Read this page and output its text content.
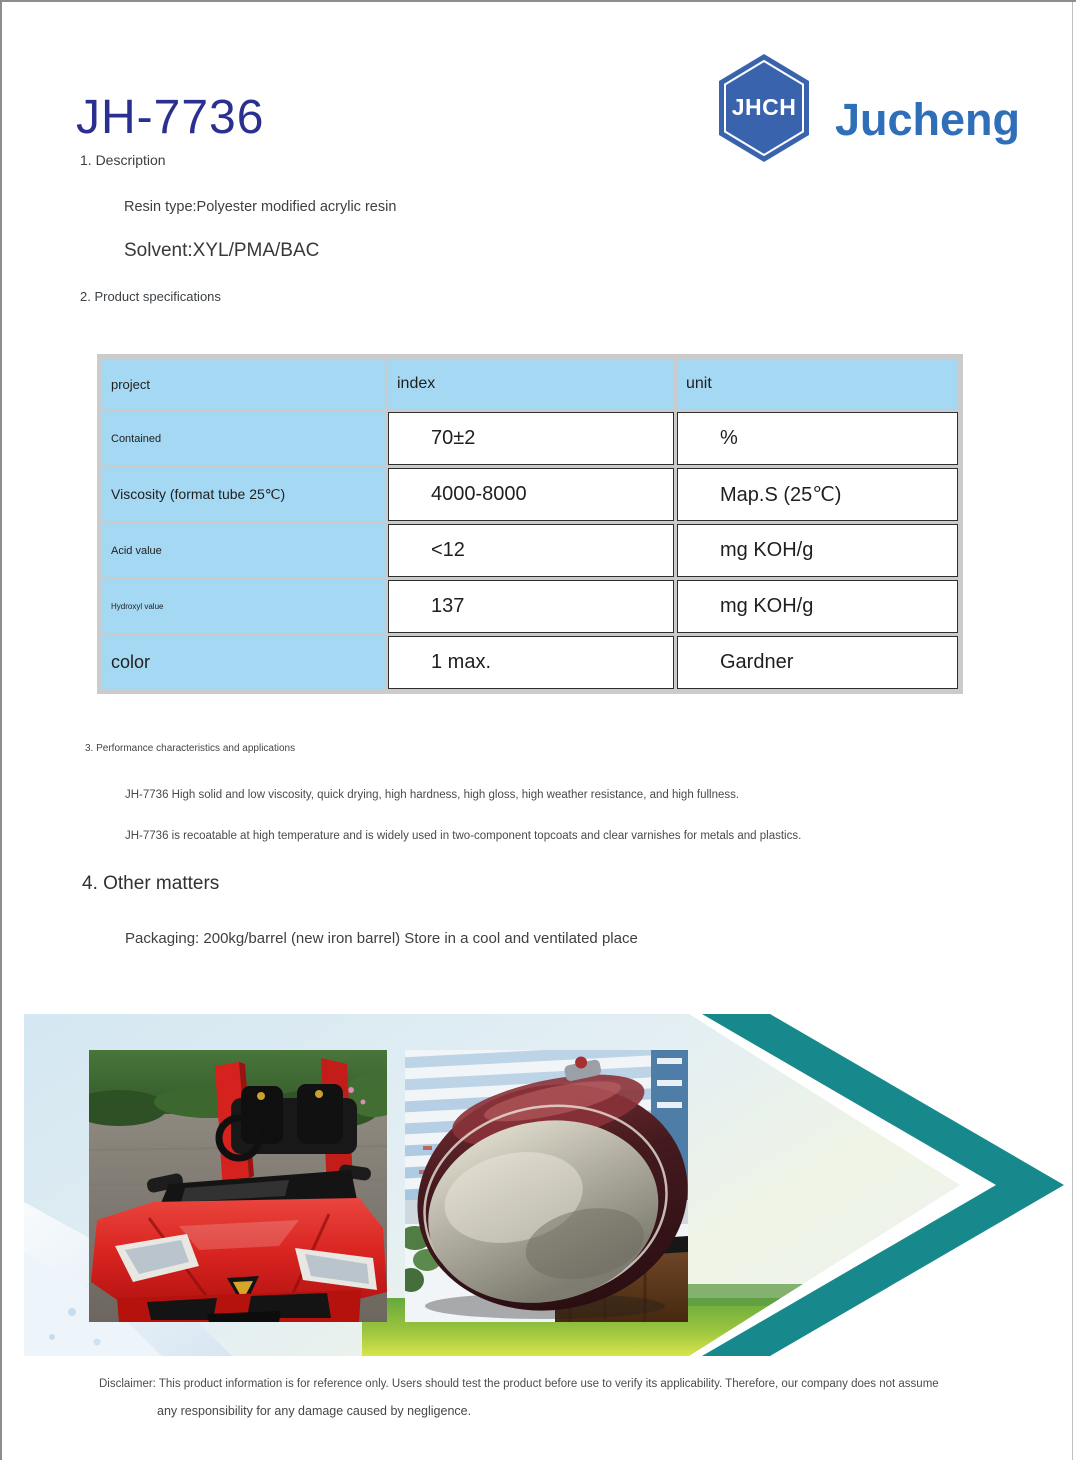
JH-7736	JHCH Jucheng
1. Description
Resin type:Polyester modified acrylic resin
Solvent:XYL/PMA/BAC
2. Product specifications
project	index	unit
Contained	70±2	%
Viscosity (format tube 25℃)	4000-8000	Map.S (25℃)
Acid value	<12	mg KOH/g
Hydroxyl value	137	mg KOH/g
color	1 max.	Gardner
3. Performance characteristics and applications
JH-7736 High solid and low viscosity, quick drying, high hardness, high gloss, high weather resistance, and high fullness.
JH-7736 is recoatable at high temperature and is widely used in two-component topcoats and clear varnishes for metals and plastics.
4. Other matters
Packaging: 200kg/barrel (new iron barrel) Store in a cool and ventilated place
Disclaimer: This product information is for reference only. Users should test the product before use to verify its applicability. Therefore, our company does not assume
any responsibility for any damage caused by negligence.
